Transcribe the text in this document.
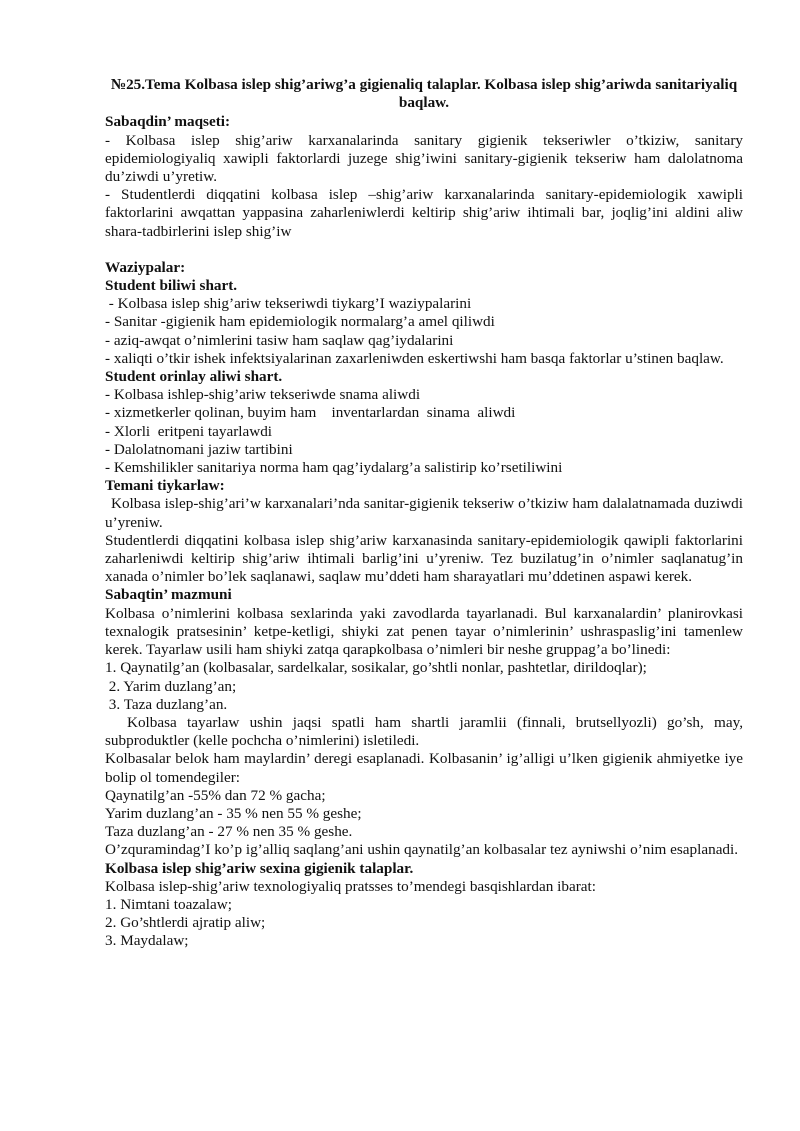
№25.Tema Kolbasa islep shig’ariwg’a gigienaliq talaplar. Kolbasa islep shig’ariwda sanitariyaliq baqlaw.
Sabaqdin’ maqseti:
- Kolbasa islep shig’ariw karxanalarinda sanitary gigienik tekseriwler o’tkiziw, sanitary epidemiologiyaliq xawipli faktorlardi juzege shig’iwini sanitary-gigienik tekseriw ham dalolatnoma du’ziwdi u’yretiw.
- Studentlerdi diqqatini kolbasa islep –shig’ariw karxanalarinda sanitary-epidemiologik xawipli faktorlarini awqattan yappasina zaharleniwlerdi keltirip shig’ariw ihtimali bar, joqlig’ini aldini aliw shara-tadbirlerini islep shig’iw
Waziypalar:
Student biliwi shart.
- Kolbasa islep shig’ariw tekseriwdi tiykarg’I waziypalarini
- Sanitar -gigienik ham epidemiologik normalarg’a amel qiliwdi
- aziq-awqat o’nimlerini tasiw ham saqlaw qag’iydalarini
- xaliqti o’tkir ishek infektsiyalarinan zaxarleniwden eskertiwshi ham basqa faktorlar u’stinen baqlaw.
Student orinlay aliwi shart.
- Kolbasa ishlep-shig’ariw tekseriwde snama aliwdi
- xizmetkerler qolinan, buyim ham    inventarlardan  sinama  aliwdi
- Xlorli  eritpeni tayarlawdi
- Dalolatnomani jaziw tartibini
- Kemshilikler sanitariya norma ham qag’iydalarg’a salistirip ko’rsetiliwini
Temani tiykarlaw:
Kolbasa islep-shig’ari’w karxanalari’nda sanitar-gigienik tekseriw o’tkiziw ham dalalatnamada duziwdi u’yreniw.
Studentlerdi diqqatini kolbasa islep shig’ariw karxanasinda sanitary-epidemiologik qawipli faktorlarini zaharleniwdi keltirip shig’ariw ihtimali barlig’ini u’yreniw. Tez buzilatug’in o’nimler saqlanatug’in xanada o’nimler bo’lek saqlanawi, saqlaw mu’ddeti ham sharayatlari mu’ddetinen aspawi kerek.
Sabaqtin’ mazmuni
Kolbasa o’nimlerini kolbasa sexlarinda yaki zavodlarda tayarlanadi. Bul karxanalardin’ planirovkasi texnalogik pratsesinin’ ketpe-ketligi, shiyki zat penen tayar o’nimlerinin’ ushraspaslig’ini tamenlew kerek. Tayarlaw usili ham shiyki zatqa qarapkolbasa o’nimleri bir neshe gruppag’a bo’linedi:
1. Qaynatilg’an (kolbasalar, sardelkalar, sosikalar, go’shtli nonlar, pashtetlar, dirildoqlar);
2. Yarim duzlang’an;
3. Taza duzlang’an.
Kolbasa tayarlaw ushin jaqsi spatli ham shartli jaramlii (finnali, brutsellyozli) go’sh, may, subproduktler (kelle pochcha o’nimlerini) isletiledi.
Kolbasalar belok ham maylardin’ deregi esaplanadi. Kolbasanin’ ig’alligi u’lken gigienik ahmiyetke iye bolip ol tomendegiler:
Qaynatilg’an -55% dan 72 % gacha;
Yarim duzlang’an - 35 % nen 55 % geshe;
Taza duzlang’an - 27 % nen 35 % geshe.
O’zquramindag’I ko’p ig’alliq saqlang’ani ushin qaynatilg’an kolbasalar tez ayniwshi o’nim esaplanadi.
Kolbasa islep shig’ariw sexina gigienik talaplar.
Kolbasa islep-shig’ariw texnologiyaliq pratsses to’mendegi basqishlardan ibarat:
1. Nimtani toazalaw;
2. Go’shtlerdi ajratip aliw;
3. Maydalaw;
